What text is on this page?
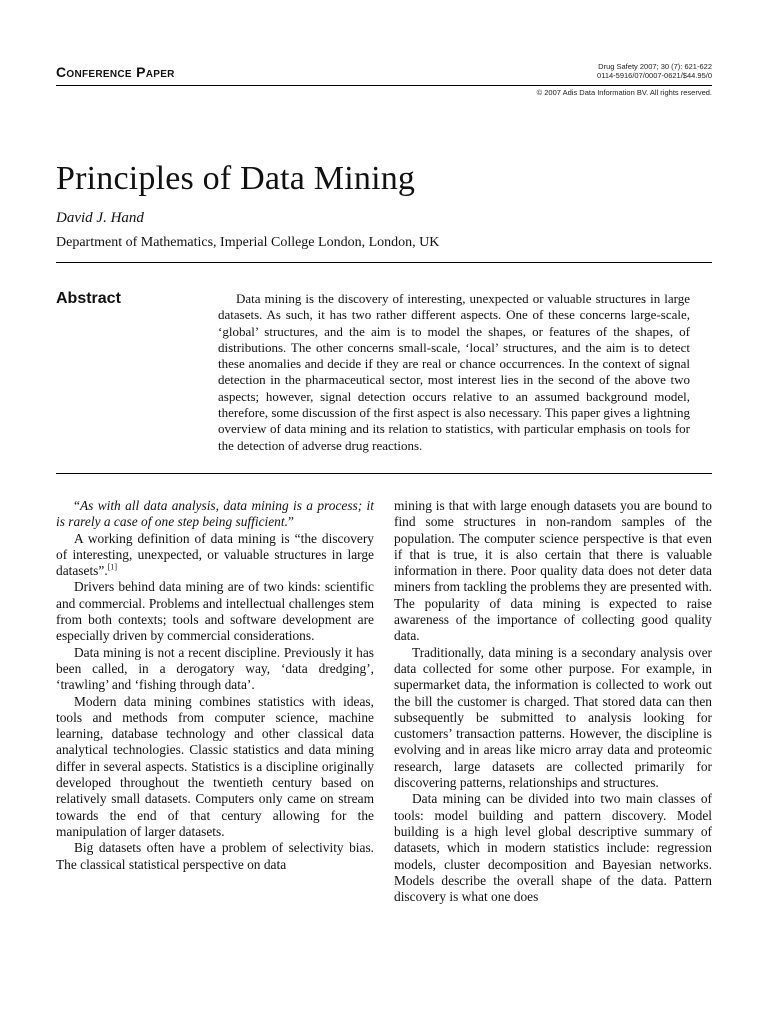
Conference Paper	Drug Safety 2007; 30 (7): 621-622
0114-5916/07/0007-0621/$44.95/0
© 2007 Adis Data Information BV. All rights reserved.
Principles of Data Mining
David J. Hand
Department of Mathematics, Imperial College London, London, UK
Abstract	Data mining is the discovery of interesting, unexpected or valuable structures in large datasets. As such, it has two rather different aspects. One of these concerns large-scale, ‘global’ structures, and the aim is to model the shapes, or features of the shapes, of distributions. The other concerns small-scale, ‘local’ structures, and the aim is to detect these anomalies and decide if they are real or chance occurrences. In the context of signal detection in the pharmaceutical sector, most interest lies in the second of the above two aspects; however, signal detection occurs relative to an assumed background model, therefore, some discussion of the first aspect is also necessary. This paper gives a lightning overview of data mining and its relation to statistics, with particular emphasis on tools for the detection of adverse drug reactions.

“As with all data analysis, data mining is a process; it is rarely a case of one step being sufficient.”

A working definition of data mining is “the discovery of interesting, unexpected, or valuable structures in large datasets”.[1]

Drivers behind data mining are of two kinds: scientific and commercial. Problems and intellectual challenges stem from both contexts; tools and software development are especially driven by commercial considerations.

Data mining is not a recent discipline. Previously it has been called, in a derogatory way, ‘data dredging’, ‘trawling’ and ‘fishing through data’.

Modern data mining combines statistics with ideas, tools and methods from computer science, machine learning, database technology and other classical data analytical technologies. Classic statistics and data mining differ in several aspects. Statistics is a discipline originally developed throughout the twentieth century based on relatively small datasets. Computers only came on stream towards the end of that century allowing for the manipulation of larger datasets.

Big datasets often have a problem of selectivity bias. The classical statistical perspective on data

mining is that with large enough datasets you are bound to find some structures in non-random samples of the population. The computer science perspective is that even if that is true, it is also certain that there is valuable information in there. Poor quality data does not deter data miners from tackling the problems they are presented with. The popularity of data mining is expected to raise awareness of the importance of collecting good quality data.

Traditionally, data mining is a secondary analysis over data collected for some other purpose. For example, in supermarket data, the information is collected to work out the bill the customer is charged. That stored data can then subsequently be submitted to analysis looking for customers’ transaction patterns. However, the discipline is evolving and in areas like micro array data and proteomic research, large datasets are collected primarily for discovering patterns, relationships and structures.

Data mining can be divided into two main classes of tools: model building and pattern discovery. Model building is a high level global descriptive summary of datasets, which in modern statistics include: regression models, cluster decomposition and Bayesian networks. Models describe the overall shape of the data. Pattern discovery is what one does
